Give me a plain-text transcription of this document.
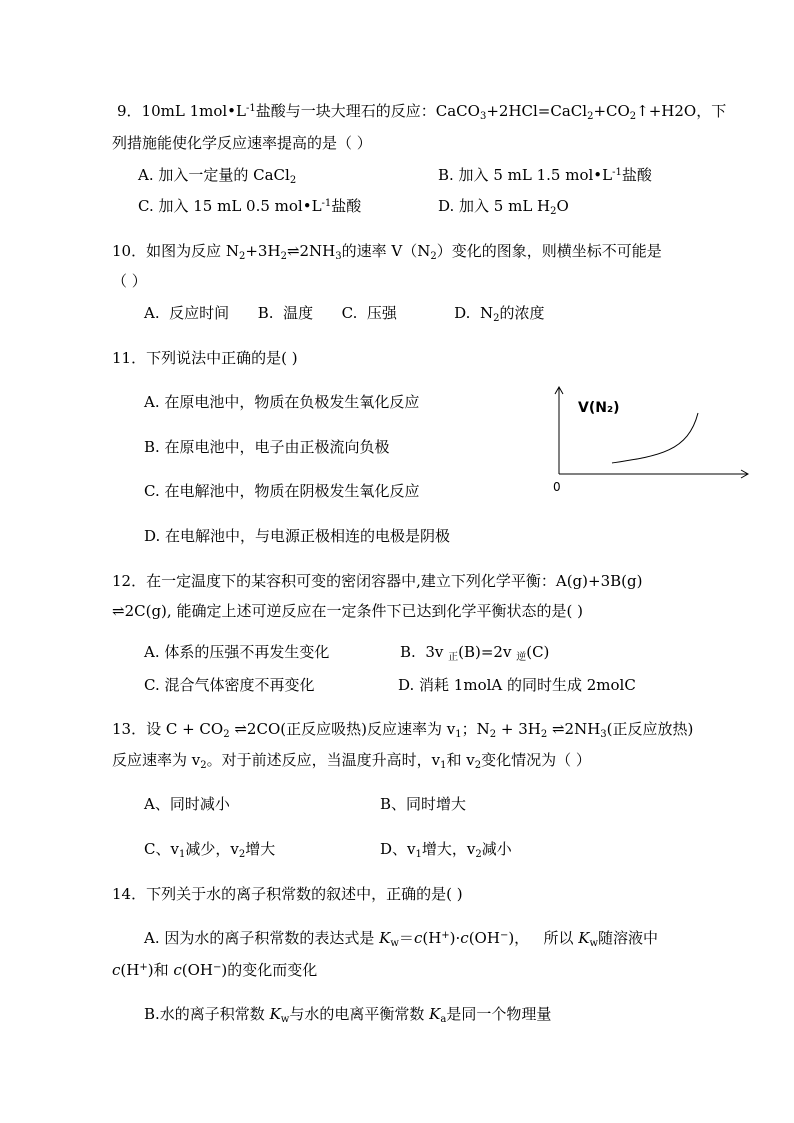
9．10mL $1mol•L^{-1}$盐酸与一块大理石的反应：$CaCO_3+2HCl=CaCl_2+CO_2↑+H2O$，下
列措施能使化学反应速率提高的是（ ）
A. 加入一定量的 CaCl$_2$	B. 加入 5 mL 1.5 $mol•L^{-1}$盐酸
C. 加入 15 mL 0.5 $mol•L^{-1}$盐酸	D. 加入 5 mL $H_2O$
10．如图为反应 $N_2+3H_2\rightleftharpoons 2NH_3$的速率 $V(N_2)$变化的图象，则横坐标不可能是
（ ）
A.  反应时间      B.  温度      C.  压强            D.  $N_2$的浓度
11．下列说法中正确的是( )
A. 在原电池中，物质在负极发生氧化反应
B. 在原电池中，电子由正极流向负极
C. 在电解池中，物质在阴极发生氧化反应
D. 在电解池中，与电源正极相连的电极是阴极
V(N₂)
0
12．在一定温度下的某容积可变的密闭容器中,建立下列化学平衡：A(g)+3B(g)
⇌2C(g), 能确定上述可逆反应在一定条件下已达到化学平衡状态的是( )
A. 体系的压强不再发生变化	B.  3v $_正$(B)=2v $_逆$(C)
C. 混合气体密度不再变化	D. 消耗 1molA 的同时生成 2molC
13．设 $C + CO_2$ ⇌2CO(正反应吸热)反应速率为 $v_1$；$N_2 + 3H_2$ $\rightleftharpoons 2NH_3$(正反应放热)
反应速率为 $v_2$。对于前述反应，当温度升高时，$v_1$和 $v_2$变化情况为（ ）
A、同时减小	B、同时增大
C、$v_1$减少，$v_2$增大	D、$v_1$增大，$v_2$减小
14．下列关于水的离子积常数的叙述中，正确的是( )
A. 因为水的离子积常数的表达式是 $K_w=c(H^+)\cdot c(OH^-)$，   所以 $K_w$随溶液中
c(H+)和 c(OH−)的变化而变化
B.水的离子积常数 $K_w$与水的电离平衡常数 $K_a$是同一个物理量
